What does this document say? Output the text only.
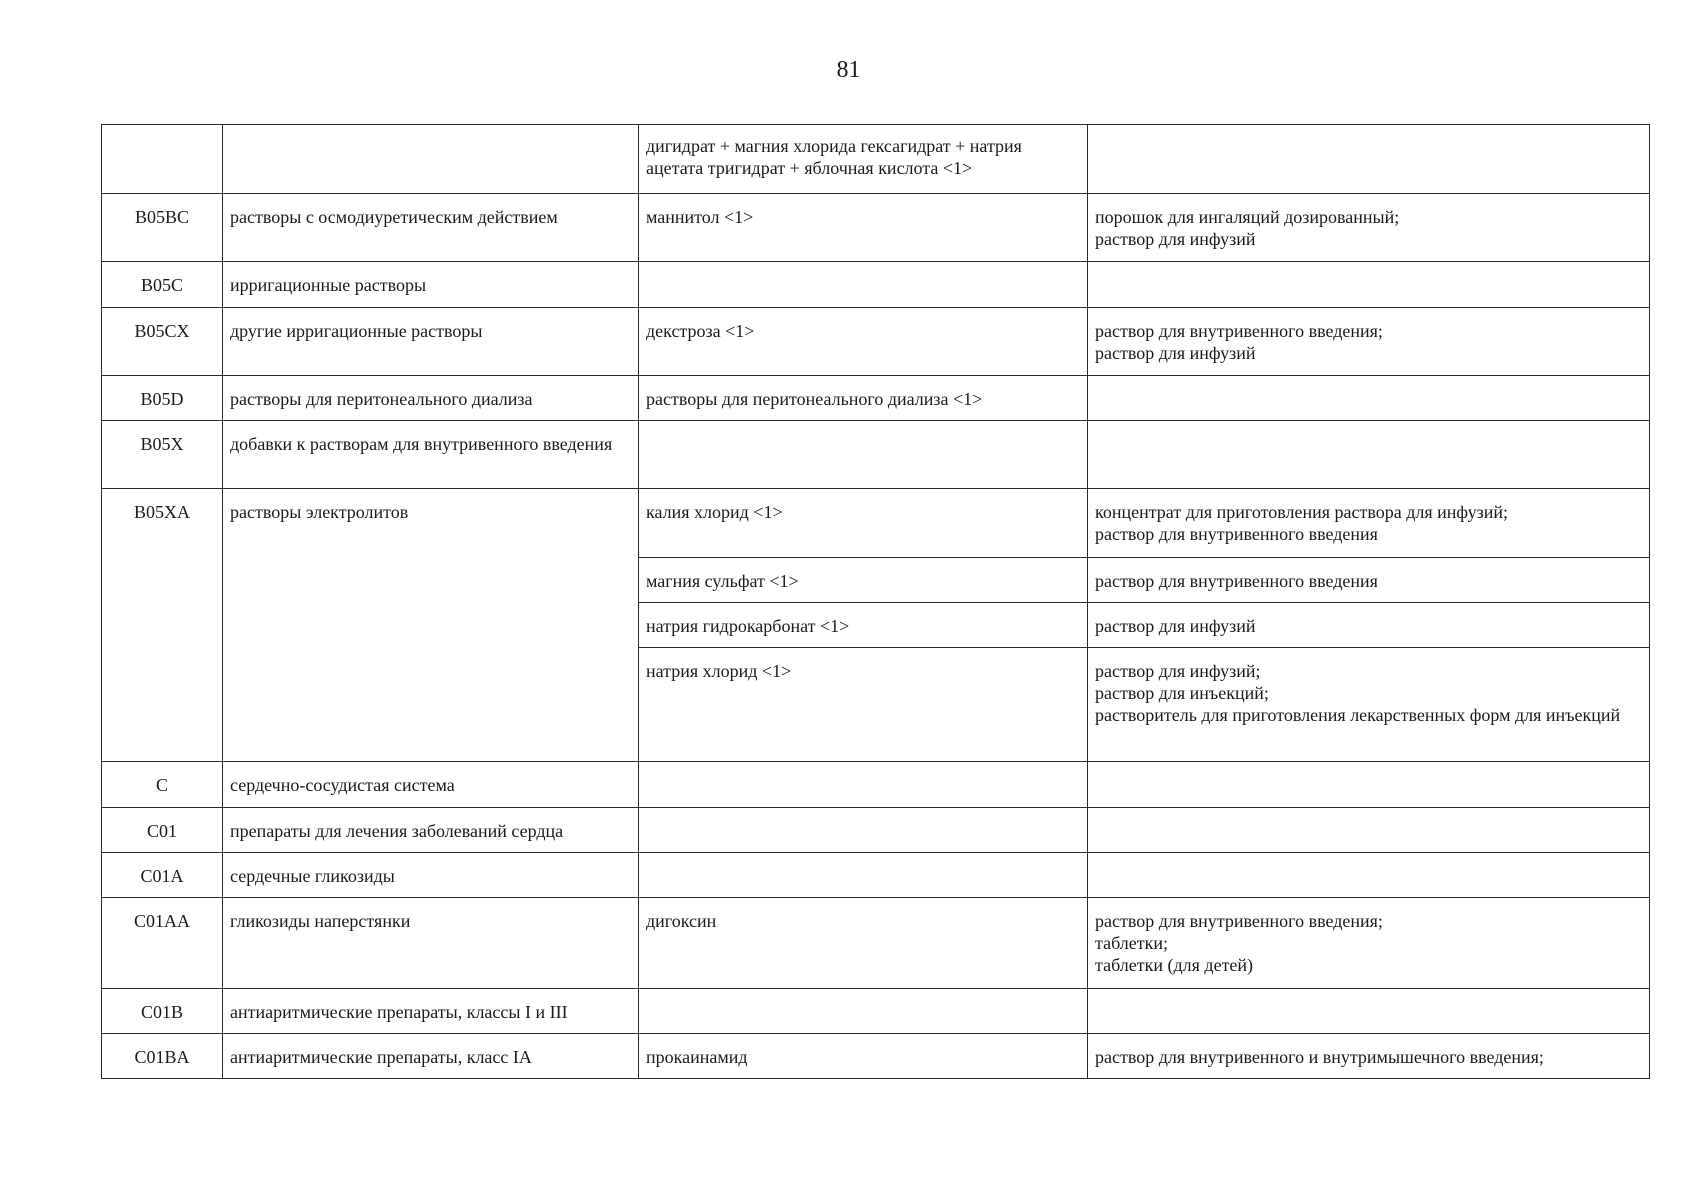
81
		дигидрат + магния хлорида гексагидрат + натрия ацетата тригидрат + яблочная кислота <1>	
B05BC	растворы с осмодиуретическим действием	маннитол <1>	порошок для ингаляций дозированный;
раствор для инфузий
B05C	ирригационные растворы		
B05CX	другие ирригационные растворы	декстроза <1>	раствор для внутривенного введения;
раствор для инфузий
B05D	растворы для перитонеального диализа	растворы для перитонеального диализа <1>	
B05X	добавки к растворам для внутривенного введения		
B05XA	растворы электролитов	калия хлорид <1>	концентрат для приготовления раствора для инфузий;
раствор для внутривенного введения
		магния сульфат <1>	раствор для внутривенного введения
		натрия гидрокарбонат <1>	раствор для инфузий
		натрия хлорид <1>	раствор для инфузий;
раствор для инъекций;
растворитель для приготовления лекарственных форм для инъекций
C	сердечно-сосудистая система		
C01	препараты для лечения заболеваний сердца		
C01A	сердечные гликозиды		
C01AA	гликозиды наперстянки	дигоксин	раствор для внутривенного введения;
таблетки;
таблетки (для детей)
C01B	антиаритмические препараты, классы I и III		
C01BA	антиаритмические препараты, класс IA	прокаинамид	раствор для внутривенного и внутримышечного введения;
